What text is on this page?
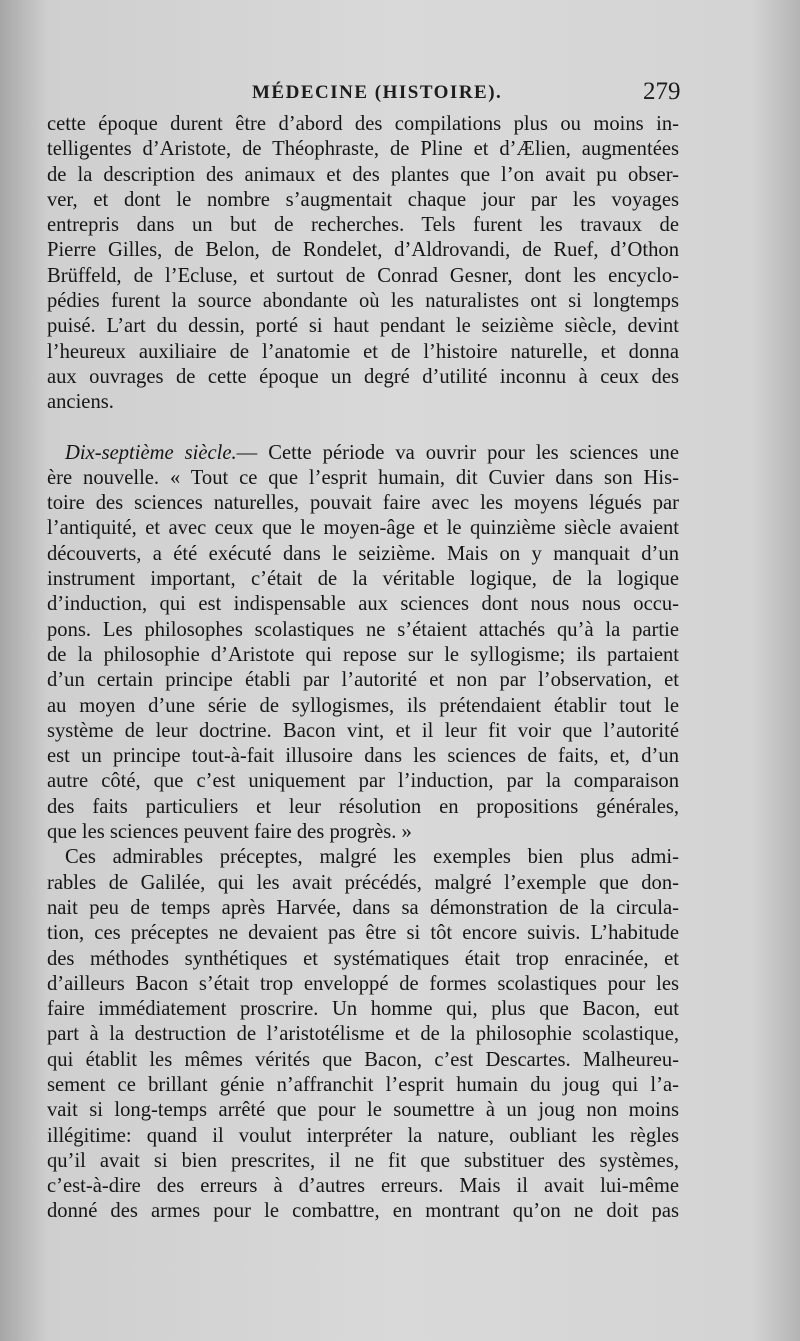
MÉDECINE (HISTOIRE).	279

cette époque durent être d’abord des compilations plus ou moins in-
telligentes d’Aristote, de Théophraste, de Pline et d’Ælien, augmentées
de la description des animaux et des plantes que l’on avait pu obser-
ver, et dont le nombre s’augmentait chaque jour par les voyages
entrepris dans un but de recherches. Tels furent les travaux de
Pierre Gilles, de Belon, de Rondelet, d’Aldrovandi, de Ruef, d’Othon
Brüffeld, de l’Ecluse, et surtout de Conrad Gesner, dont les encyclo-
pédies furent la source abondante où les naturalistes ont si longtemps
puisé. L’art du dessin, porté si haut pendant le seizième siècle, devint
l’heureux auxiliaire de l’anatomie et de l’histoire naturelle, et donna
aux ouvrages de cette époque un degré d’utilité inconnu à ceux des
anciens.

Dix-septième siècle.— Cette période va ouvrir pour les sciences une
ère nouvelle. « Tout ce que l’esprit humain, dit Cuvier dans son His-
toire des sciences naturelles, pouvait faire avec les moyens légués par
l’antiquité, et avec ceux que le moyen-âge et le quinzième siècle avaient
découverts, a été exécuté dans le seizième. Mais on y manquait d’un
instrument important, c’était de la véritable logique, de la logique
d’induction, qui est indispensable aux sciences dont nous nous occu-
pons. Les philosophes scolastiques ne s’étaient attachés qu’à la partie
de la philosophie d’Aristote qui repose sur le syllogisme; ils partaient
d’un certain principe établi par l’autorité et non par l’observation, et
au moyen d’une série de syllogismes, ils prétendaient établir tout le
système de leur doctrine. Bacon vint, et il leur fit voir que l’autorité
est un principe tout-à-fait illusoire dans les sciences de faits, et, d’un
autre côté, que c’est uniquement par l’induction, par la comparaison
des faits particuliers et leur résolution en propositions générales,
que les sciences peuvent faire des progrès. »

Ces admirables préceptes, malgré les exemples bien plus admi-
rables de Galilée, qui les avait précédés, malgré l’exemple que don-
nait peu de temps après Harvée, dans sa démonstration de la circula-
tion, ces préceptes ne devaient pas être si tôt encore suivis. L’habitude
des méthodes synthétiques et systématiques était trop enracinée, et
d’ailleurs Bacon s’était trop enveloppé de formes scolastiques pour les
faire immédiatement proscrire. Un homme qui, plus que Bacon, eut
part à la destruction de l’aristotélisme et de la philosophie scolastique,
qui établit les mêmes vérités que Bacon, c’est Descartes. Malheureu-
sement ce brillant génie n’affranchit l’esprit humain du joug qui l’a-
vait si long-temps arrêté que pour le soumettre à un joug non moins
illégitime: quand il voulut interpréter la nature, oubliant les règles
qu’il avait si bien prescrites, il ne fit que substituer des systèmes,
c’est-à-dire des erreurs à d’autres erreurs. Mais il avait lui-même
donné des armes pour le combattre, en montrant qu’on ne doit pas
